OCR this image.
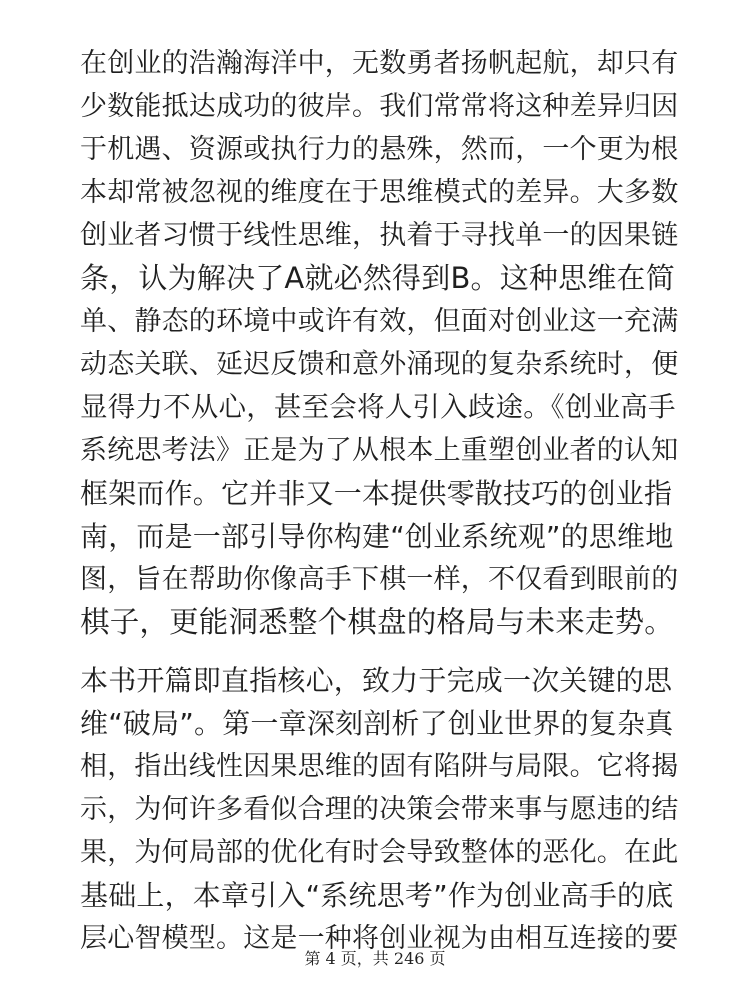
在创业的浩瀚海洋中，无数勇者扬帆起航，却只有
少数能抵达成功的彼岸。我们常常将这种差异归因
于机遇、资源或执行力的悬殊，然而，一个更为根
本却常被忽视的维度在于思维模式的差异。大多数
创业者习惯于线性思维，执着于寻找单一的因果链
条，认为解决了A就必然得到B。这种思维在简
单、静态的环境中或许有效，但面对创业这一充满
动态关联、延迟反馈和意外涌现的复杂系统时，便
显得力不从心，甚至会将人引入歧途。《创业高手
系统思考法》正是为了从根本上重塑创业者的认知
框架而作。它并非又一本提供零散技巧的创业指
南，而是一部引导你构建“创业系统观”的思维地
图，旨在帮助你像高手下棋一样，不仅看到眼前的
棋子，更能洞悉整个棋盘的格局与未来走势。
本书开篇即直指核心，致力于完成一次关键的思
维“破局”。第一章深刻剖析了创业世界的复杂真
相，指出线性因果思维的固有陷阱与局限。它将揭
示，为何许多看似合理的决策会带来事与愿违的结
果，为何局部的优化有时会导致整体的恶化。在此
基础上，本章引入“系统思考”作为创业高手的底
层心智模型。这是一种将创业视为由相互连接的要
第 4 页，共 246 页
